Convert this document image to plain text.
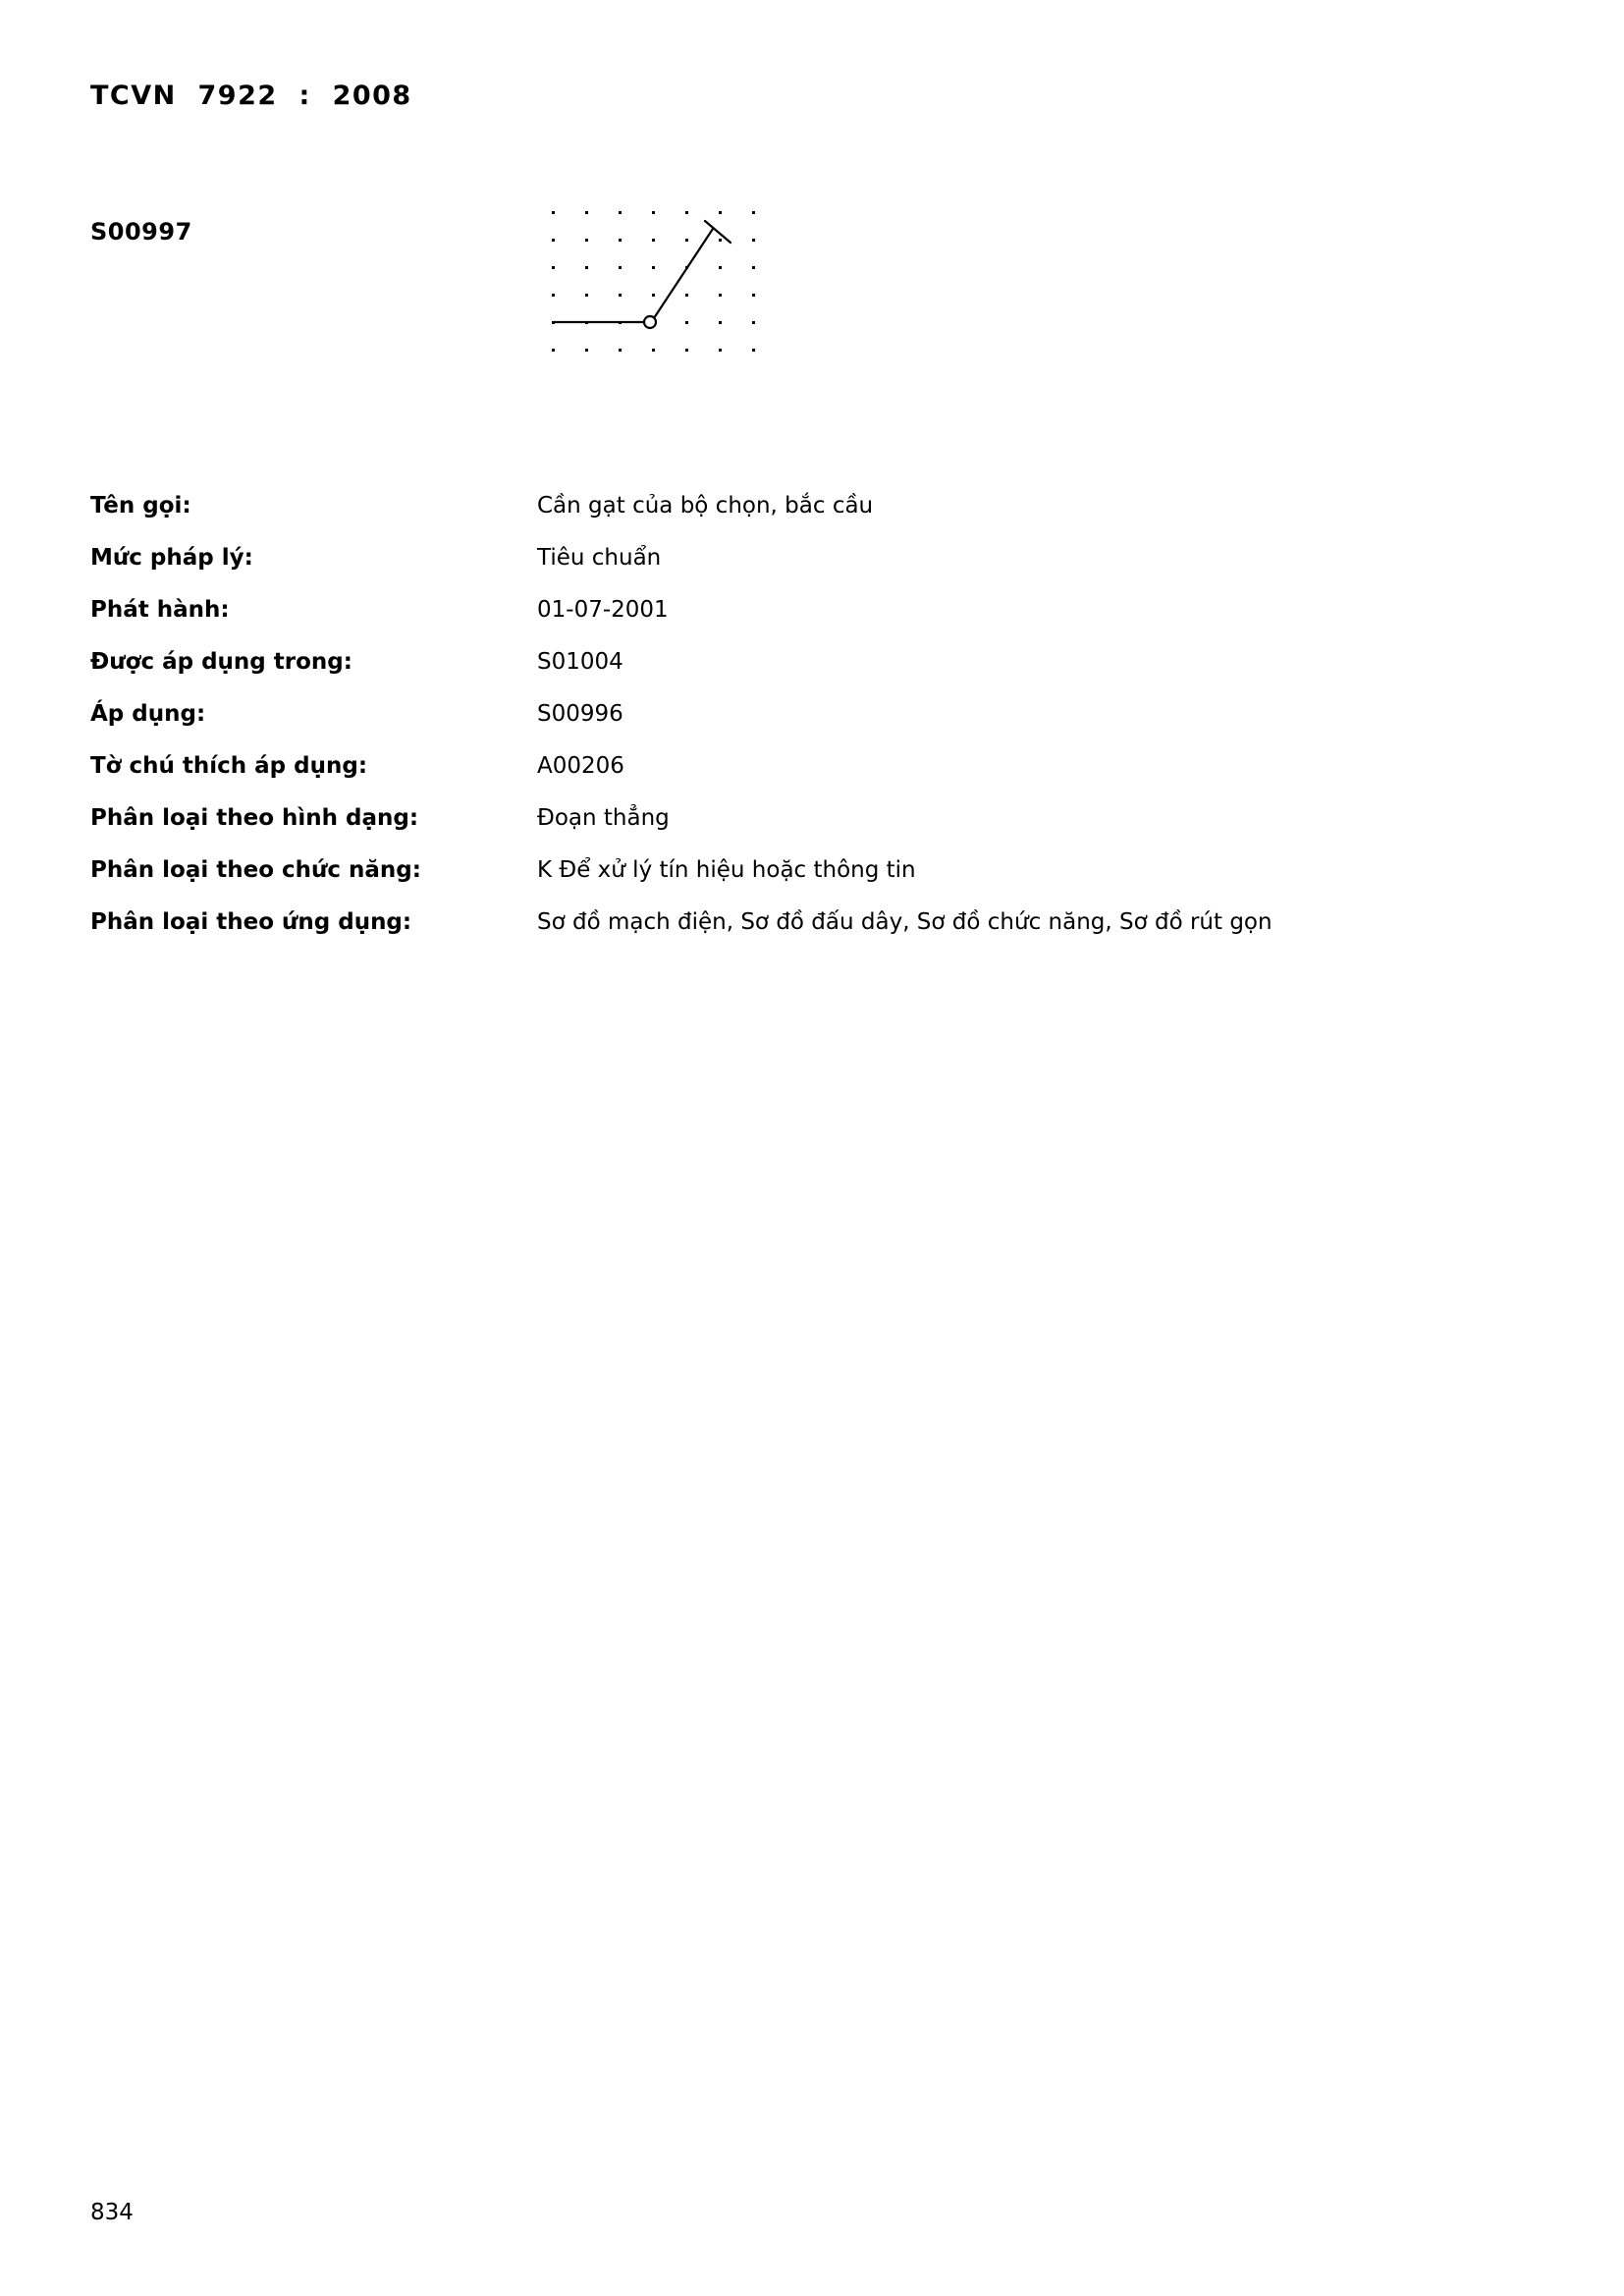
TCVN  7922  :  2008
S00997
Tên gọi:	Cần gạt của bộ chọn, bắc cầu
Mức pháp lý:	Tiêu chuẩn
Phát hành:	01-07-2001
Được áp dụng trong:	S01004
Áp dụng:	S00996
Tờ chú thích áp dụng:	A00206
Phân loại theo hình dạng:	Đoạn thẳng
Phân loại theo chức năng:	K Để xử lý tín hiệu hoặc thông tin
Phân loại theo ứng dụng:	Sơ đồ mạch điện, Sơ đồ đấu dây, Sơ đồ chức năng, Sơ đồ rút gọn
834
